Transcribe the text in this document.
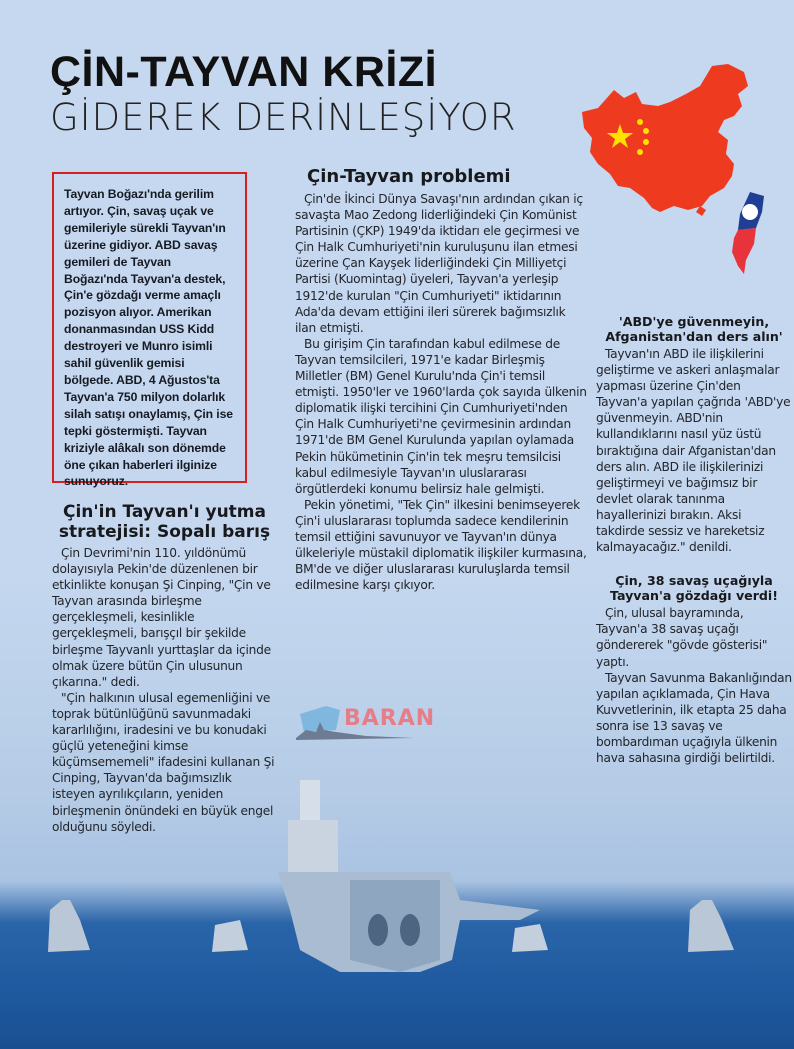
ÇİN-TAYVAN KRİZİ
GİDEREK DERİNLEŞİYOR

Tayvan Boğazı'nda gerilim artıyor. Çin, savaş uçak ve gemileriyle sürekli Tayvan'ın üzerine gidiyor. ABD savaş gemileri de Tayvan Boğazı'nda Tayvan'a destek, Çin'e gözdağı verme amaçlı pozisyon alıyor. Amerikan donanmasından USS Kidd destroyeri ve Munro isimli sahil güvenlik gemisi bölgede. ABD, 4 Ağustos'ta Tayvan'a 750 milyon dolarlık silah satışı onaylamış, Çin ise tepki göstermişti. Tayvan kriziyle alâkalı son dönemde öne çıkan haberleri ilginize sunuyoruz.

Çin-Tayvan problemi

Çin'de İkinci Dünya Savaşı'nın ardından çıkan iç savaşta Mao Zedong liderliğindeki Çin Komünist Partisinin (ÇKP) 1949'da iktidarı ele geçirmesi ve Çin Halk Cumhuriyeti'nin kuruluşunu ilan etmesi üzerine Çan Kayşek liderliğindeki Çin Milliyetçi Partisi (Kuomintag) üyeleri, Tayvan'a yerleşip 1912'de kurulan "Çin Cumhuriyeti" iktidarının Ada'da devam ettiğini ileri sürerek bağımsızlık ilan etmişti.

Bu girişim Çin tarafından kabul edilmese de Tayvan temsilcileri, 1971'e kadar Birleşmiş Milletler (BM) Genel Kurulu'nda Çin'i temsil etmişti. 1950'ler ve 1960'larda çok sayıda ülkenin diplomatik ilişki tercihini Çin Cumhuriyeti'nden Çin Halk Cumhuriyeti'ne çevirmesinin ardından 1971'de BM Genel Kurulunda yapılan oylamada Pekin hükümetinin Çin'in tek meşru temsilcisi kabul edilmesiyle Tayvan'ın uluslararası örgütlerdeki konumu belirsiz hale gelmişti.

Pekin yönetimi, "Tek Çin" ilkesini benimseyerek Çin'i uluslararası toplumda sadece kendilerinin temsil ettiğini savunuyor ve Tayvan'ın dünya ülkeleriyle müstakil diplomatik ilişkiler kurmasına, BM'de ve diğer uluslararası kuruluşlarda temsil edilmesine karşı çıkıyor.

BARAN
Çin'in Tayvan'ı yutma stratejisi: Sopalı barış

Çin Devrimi'nin 110. yıldönümü dolayısıyla Pekin'de düzenlenen bir etkinlikte konuşan Şi Cinping, "Çin ve Tayvan arasında birleşme gerçekleşmeli, kesinlikle gerçekleşmeli, barışçıl bir şekilde birleşme Tayvanlı yurttaşlar da içinde olmak üzere bütün Çin ulusunun çıkarına." dedi.

"Çin halkının ulusal egemenliğini ve toprak bütünlüğünü savunmadaki kararlılığını, iradesini ve bu konudaki güçlü yeteneğini kimse küçümsememeli" ifadesini kullanan Şi Cinping, Tayvan'da bağımsızlık isteyen ayrılıkçıların, yeniden birleşmenin önündeki en büyük engel olduğunu söyledi.

'ABD'ye güvenmeyin, Afganistan'dan ders alın'

Tayvan'ın ABD ile ilişkilerini geliştirme ve askeri anlaşmalar yapması üzerine Çin'den Tayvan'a yapılan çağrıda 'ABD'ye güvenmeyin. ABD'nin kullandıklarını nasıl yüz üstü bıraktığına dair Afganistan'dan ders alın. ABD ile ilişkilerinizi geliştirmeyi ve bağımsız bir devlet olarak tanınma hayallerinizi bırakın. Aksi takdirde sessiz ve hareketsiz kalmayacağız." denildi.

Çin, 38 savaş uçağıyla Tayvan'a gözdağı verdi!

Çin, ulusal bayramında, Tayvan'a 38 savaş uçağı göndererek "gövde gösterisi" yaptı.

Tayvan Savunma Bakanlığından yapılan açıklamada, Çin Hava Kuvvetlerinin, ilk etapta 25 daha sonra ise 13 savaş ve bombardıman uçağıyla ülkenin hava sahasına girdiği belirtildi.
